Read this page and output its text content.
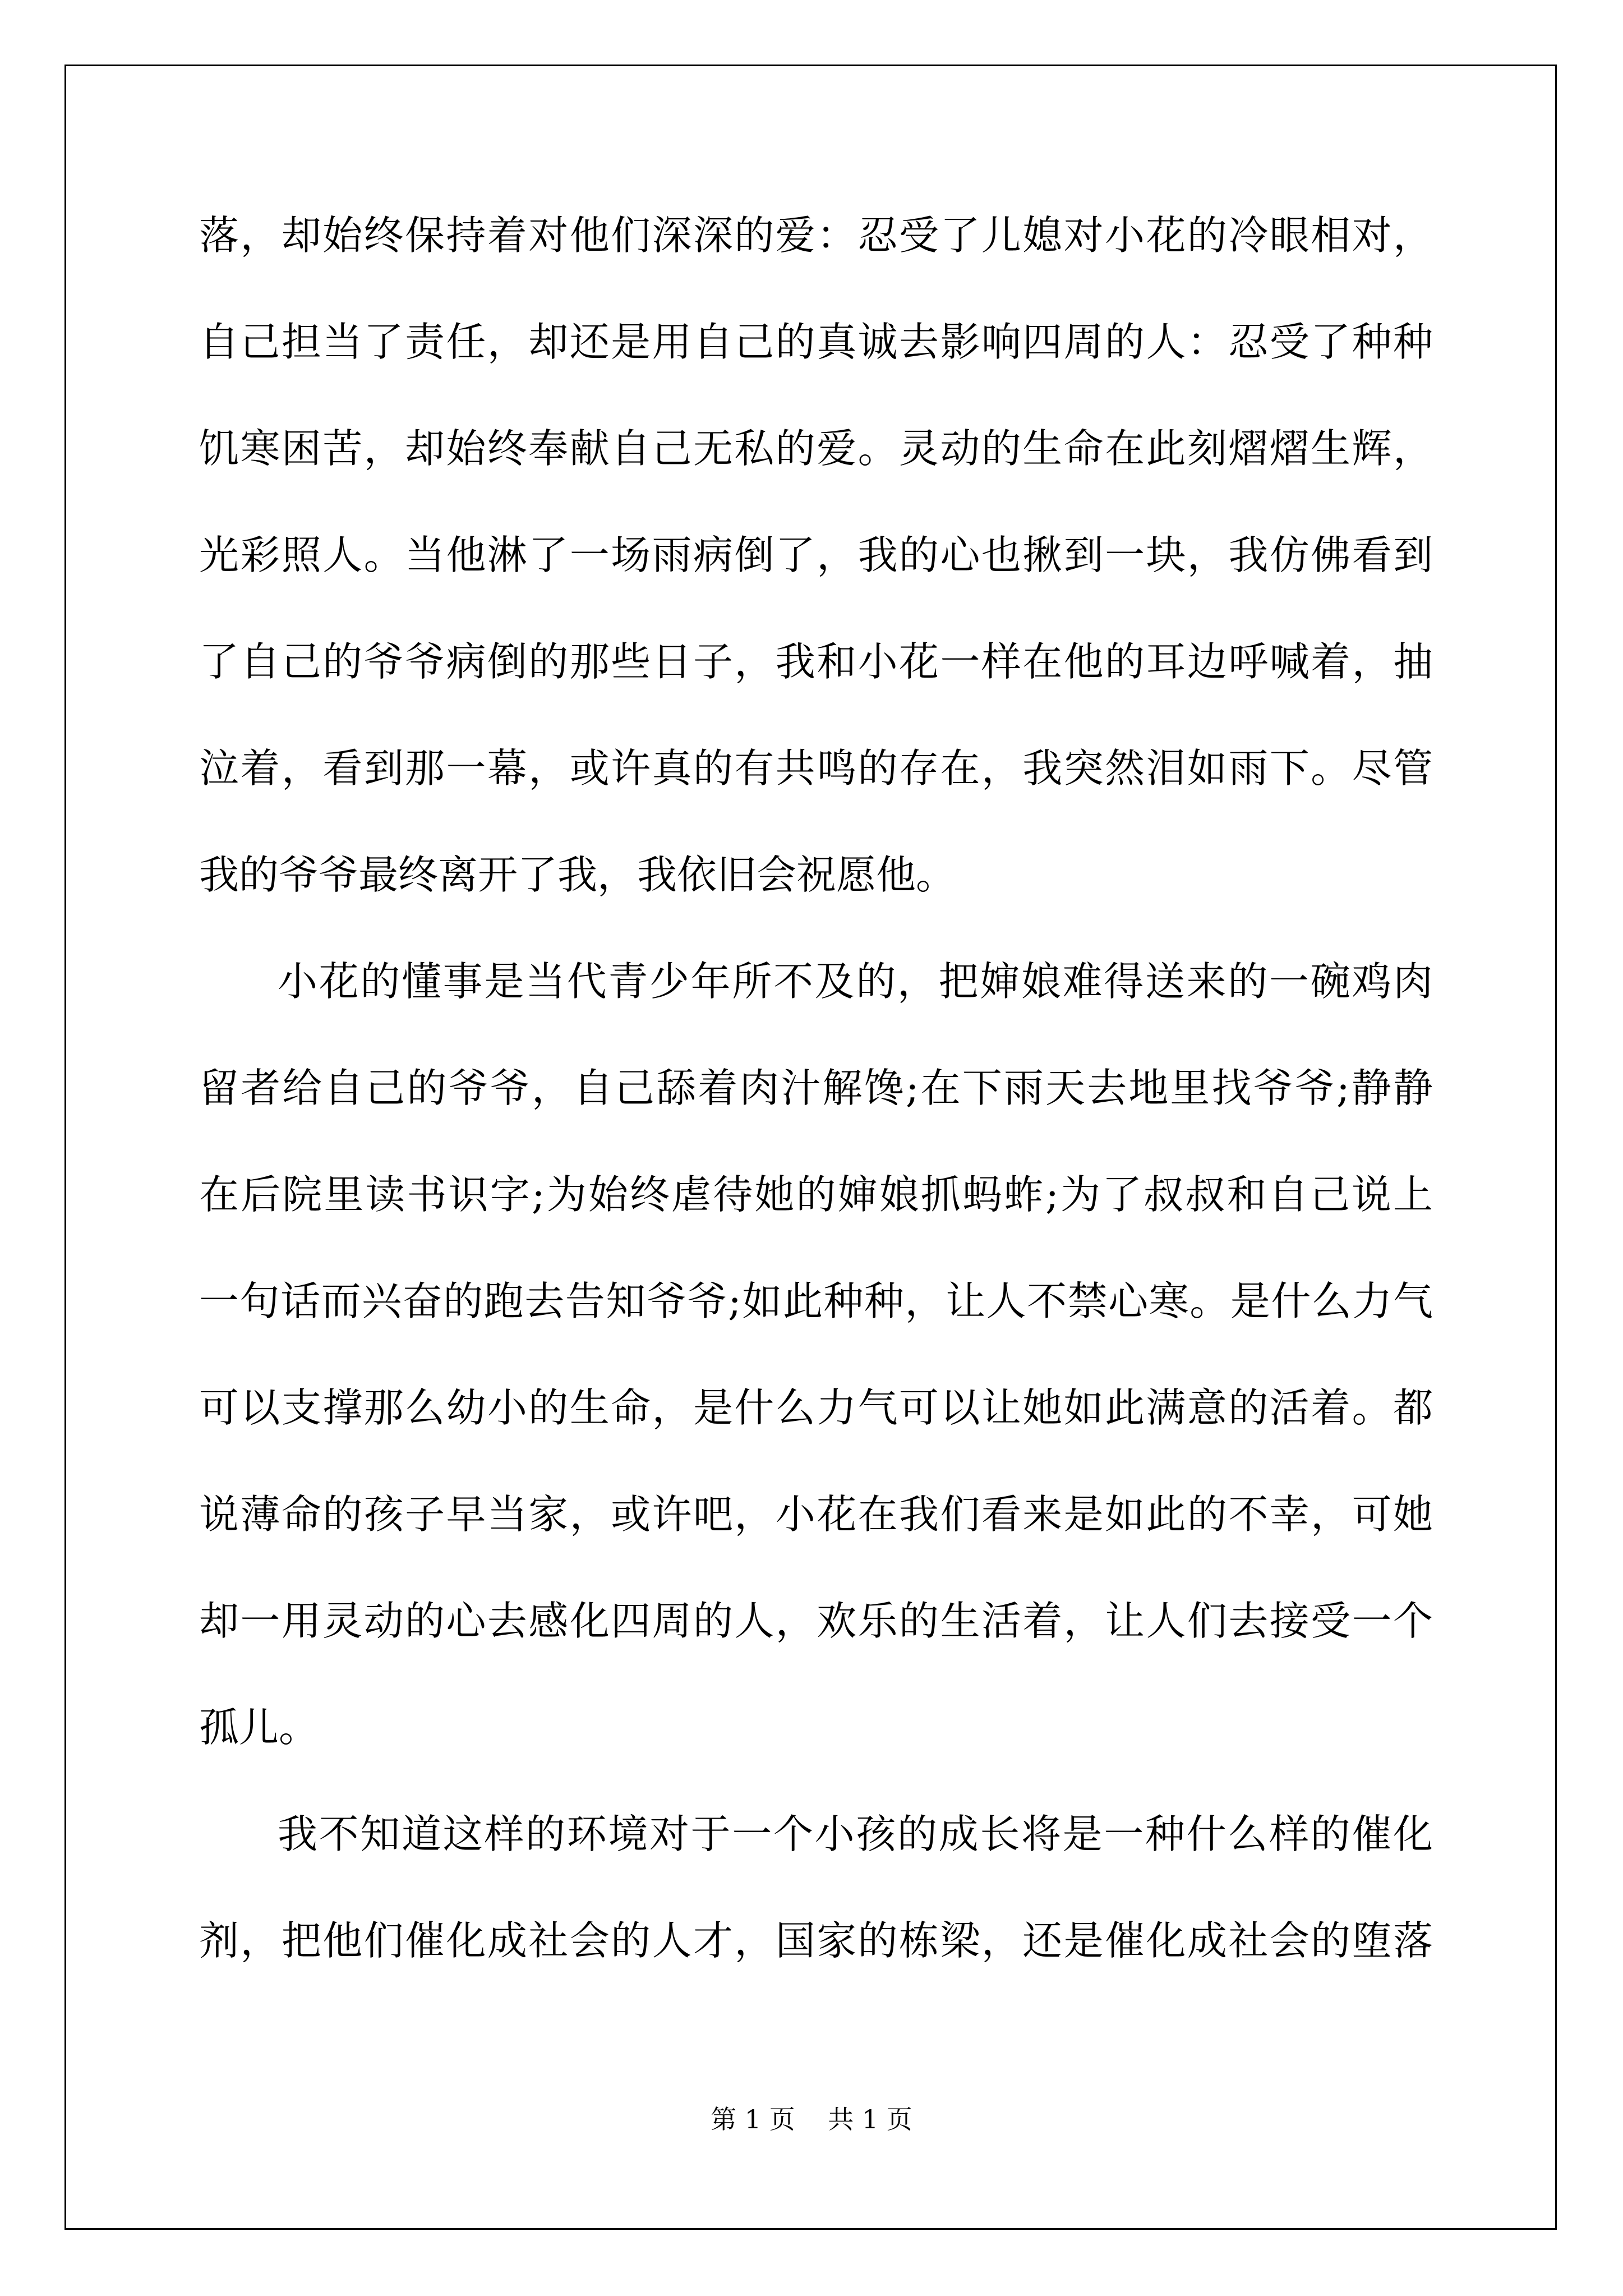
落，却始终保持着对他们深深的爱：忍受了儿媳对小花的冷眼相对，
自己担当了责任，却还是用自己的真诚去影响四周的人：忍受了种种
饥寒困苦，却始终奉献自己无私的爱。灵动的生命在此刻熠熠生辉，
光彩照人。当他淋了一场雨病倒了，我的心也揪到一块，我仿佛看到
了自己的爷爷病倒的那些日子，我和小花一样在他的耳边呼喊着，抽
泣着，看到那一幕，或许真的有共鸣的存在，我突然泪如雨下。尽管
我的爷爷最终离开了我，我依旧会祝愿他。
小花的懂事是当代青少年所不及的，把婶娘难得送来的一碗鸡肉
留者给自己的爷爷，自己舔着肉汁解馋;在下雨天去地里找爷爷;静静
在后院里读书识字;为始终虐待她的婶娘抓蚂蚱;为了叔叔和自己说上
一句话而兴奋的跑去告知爷爷;如此种种，让人不禁心寒。是什么力气
可以支撑那么幼小的生命，是什么力气可以让她如此满意的活着。都
说薄命的孩子早当家，或许吧，小花在我们看来是如此的不幸，可她
却一用灵动的心去感化四周的人，欢乐的生活着，让人们去接受一个
孤儿。
我不知道这样的环境对于一个小孩的成长将是一种什么样的催化
剂，把他们催化成社会的人才，国家的栋梁，还是催化成社会的堕落
第 1 页    共 1 页
